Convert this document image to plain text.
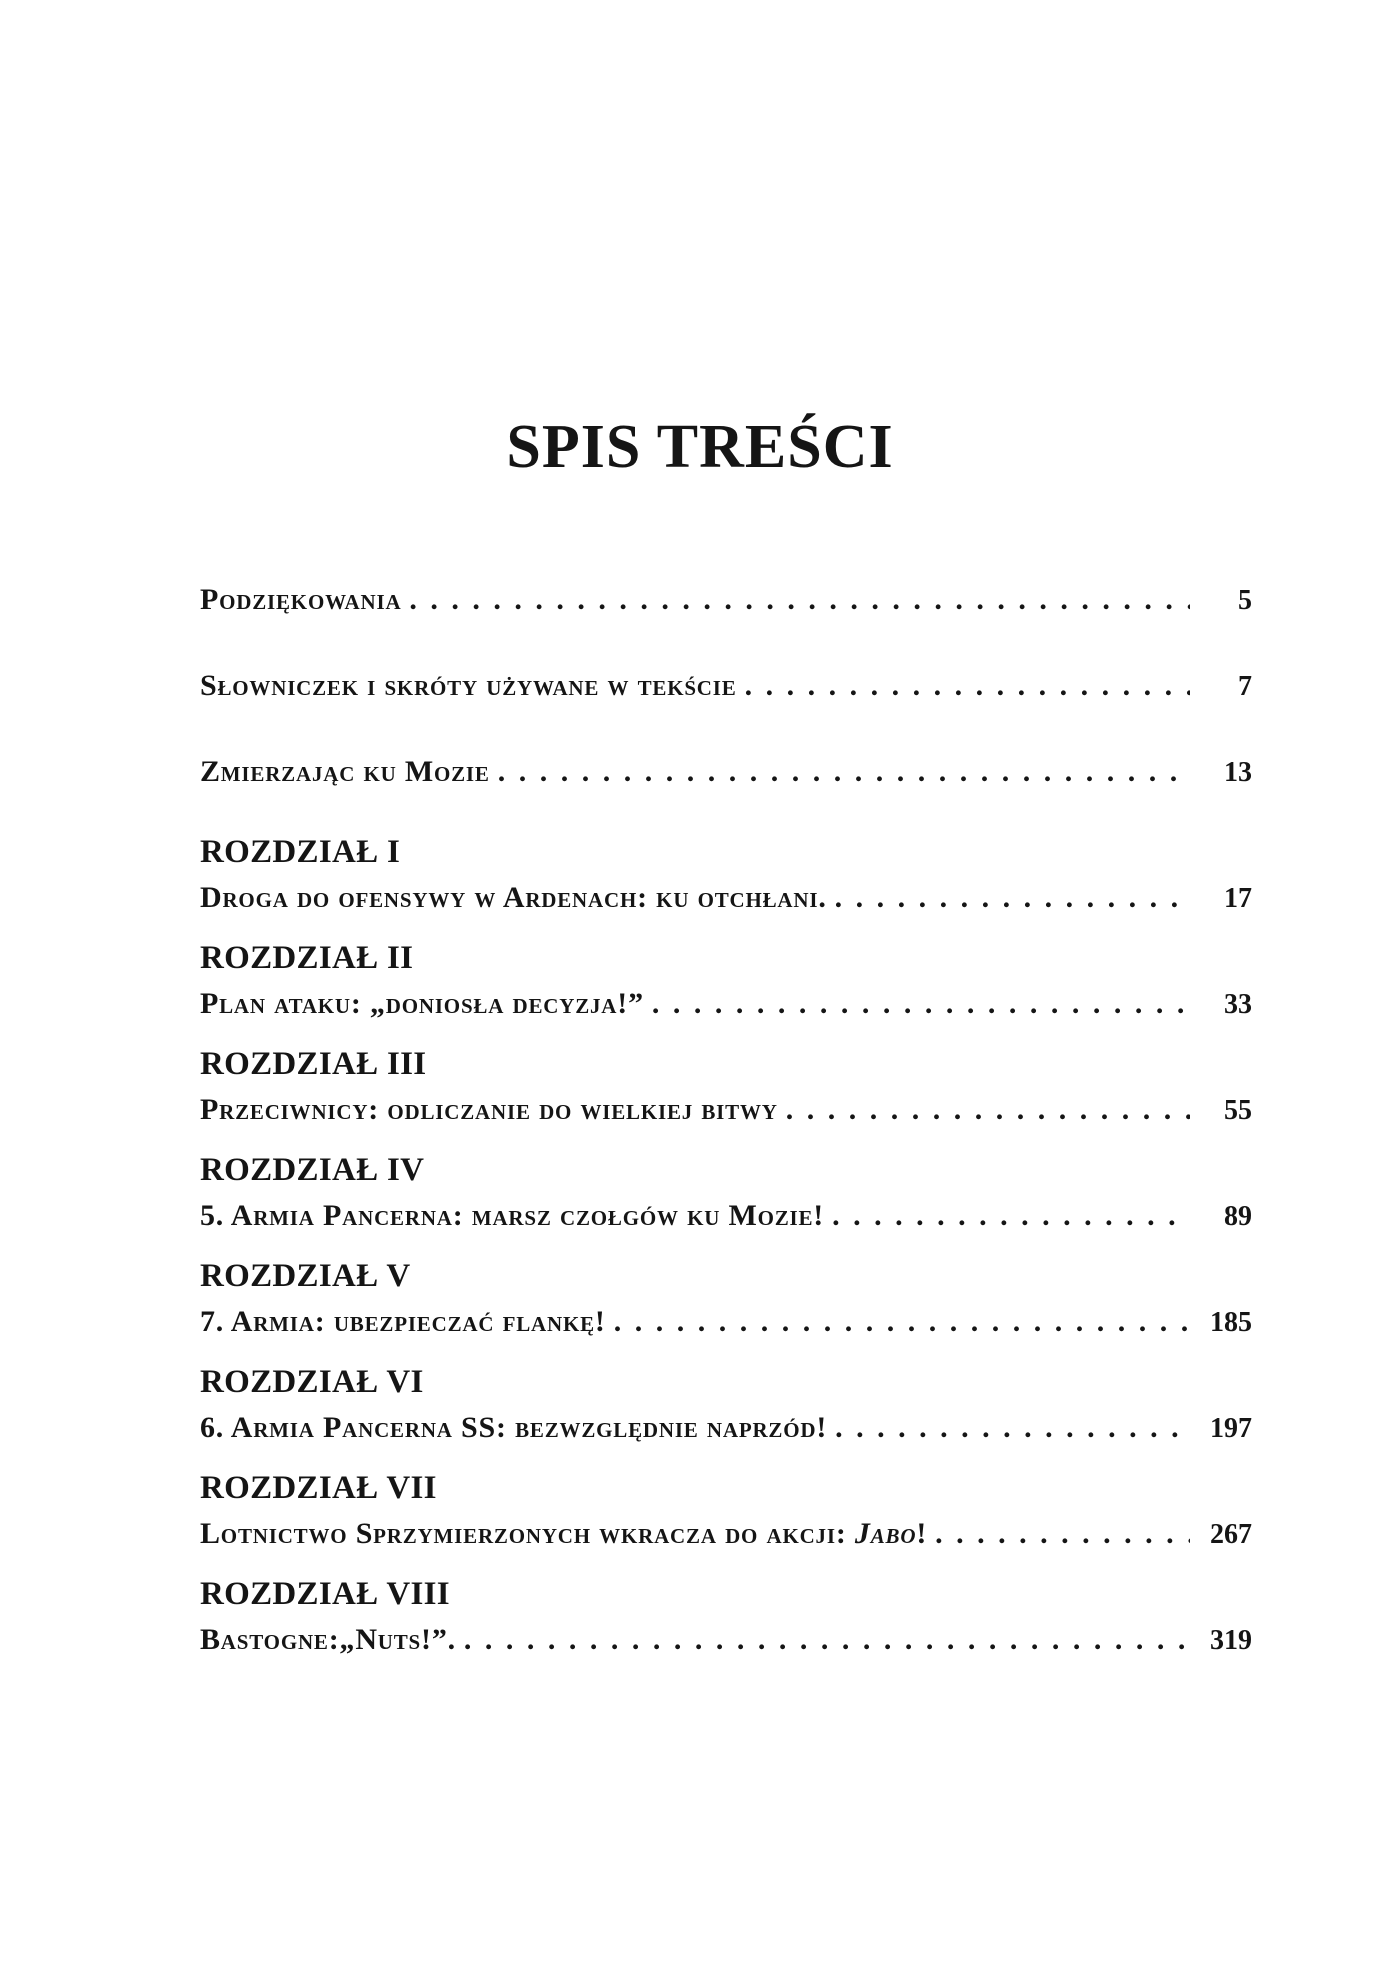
SPIS TREŚCI
Podziękowania . . .	5
Słowniczek i skróty używane w tekście . . .	7
Zmierzając ku Mozie . . .	13
ROZDZIAŁ I
Droga do ofensywy w Ardenach: ku otchłani. . . .	17
ROZDZIAŁ II
Plan ataku: „doniosła decyzja!” . . .	33
ROZDZIAŁ III
Przeciwnicy: odliczanie do wielkiej bitwy . . .	55
ROZDZIAŁ IV
5. Armia Pancerna: marsz czołgów ku Mozie! . . .	89
ROZDZIAŁ V
7. Armia: ubezpieczać flankę! . . .	185
ROZDZIAŁ VI
6. Armia Pancerna SS: bezwzględnie naprzód! . . .	197
ROZDZIAŁ VII
Lotnictwo Sprzymierzonych wkracza do akcji: Jabo! . . .	267
ROZDZIAŁ VIII
Bastogne:„Nuts!”. . . .	319
